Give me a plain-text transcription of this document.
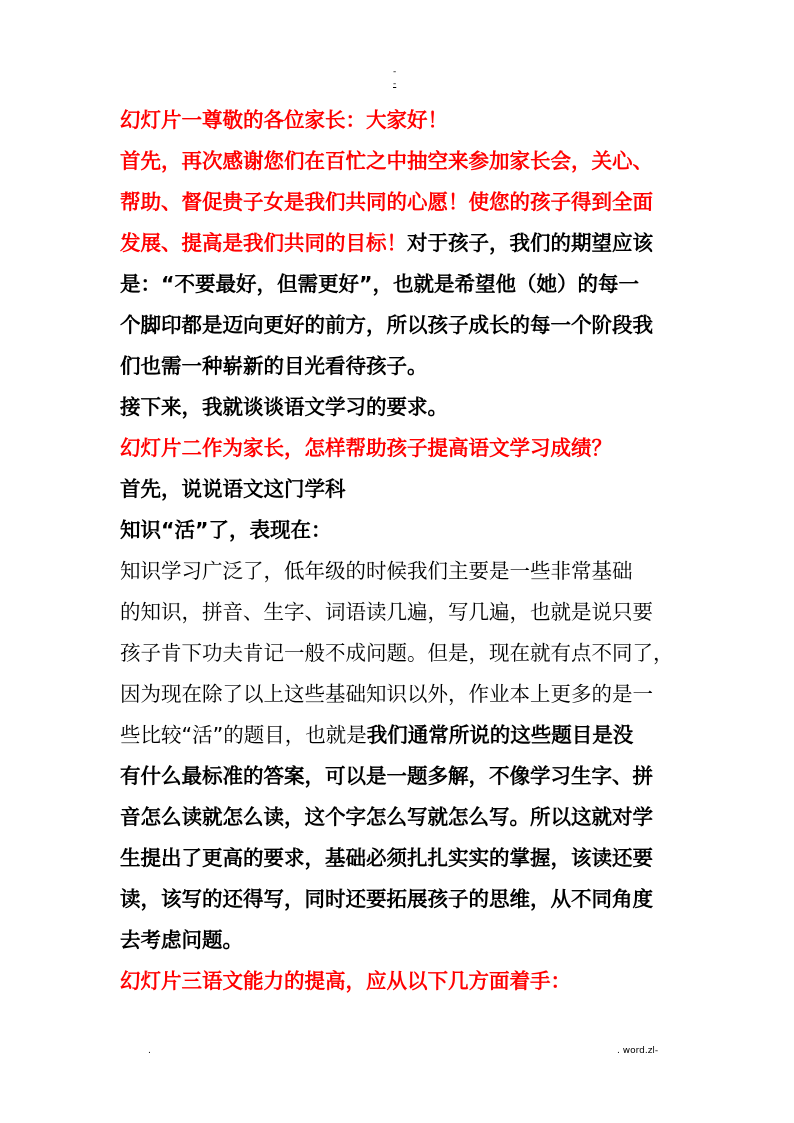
-
-
幻灯片一尊敬的各位家长：大家好！
首先，再次感谢您们在百忙之中抽空来参加家长会，关心、
帮助、督促贵子女是我们共同的心愿！使您的孩子得到全面
发展、提高是我们共同的目标！对于孩子，我们的期望应该
是：“不要最好，但需更好”，也就是希望他（她）的每一
个脚印都是迈向更好的前方，所以孩子成长的每一个阶段我
们也需一种崭新的目光看待孩子。
接下来，我就谈谈语文学习的要求。
幻灯片二作为家长，怎样帮助孩子提高语文学习成绩？
首先，说说语文这门学科
知识“活”了，表现在：
知识学习广泛了，低年级的时候我们主要是一些非常基础
的知识，拼音、生字、词语读几遍，写几遍，也就是说只要
孩子肯下功夫肯记一般不成问题。但是，现在就有点不同了，
因为现在除了以上这些基础知识以外，作业本上更多的是一
些比较“活”的题目，也就是我们通常所说的这些题目是没
有什么最标准的答案，可以是一题多解，不像学习生字、拼
音怎么读就怎么读，这个字怎么写就怎么写。所以这就对学
生提出了更高的要求，基础必须扎扎实实的掌握，该读还要
读，该写的还得写，同时还要拓展孩子的思维，从不同角度
去考虑问题。
幻灯片三语文能力的提高，应从以下几方面着手：
.	. word.zl-
